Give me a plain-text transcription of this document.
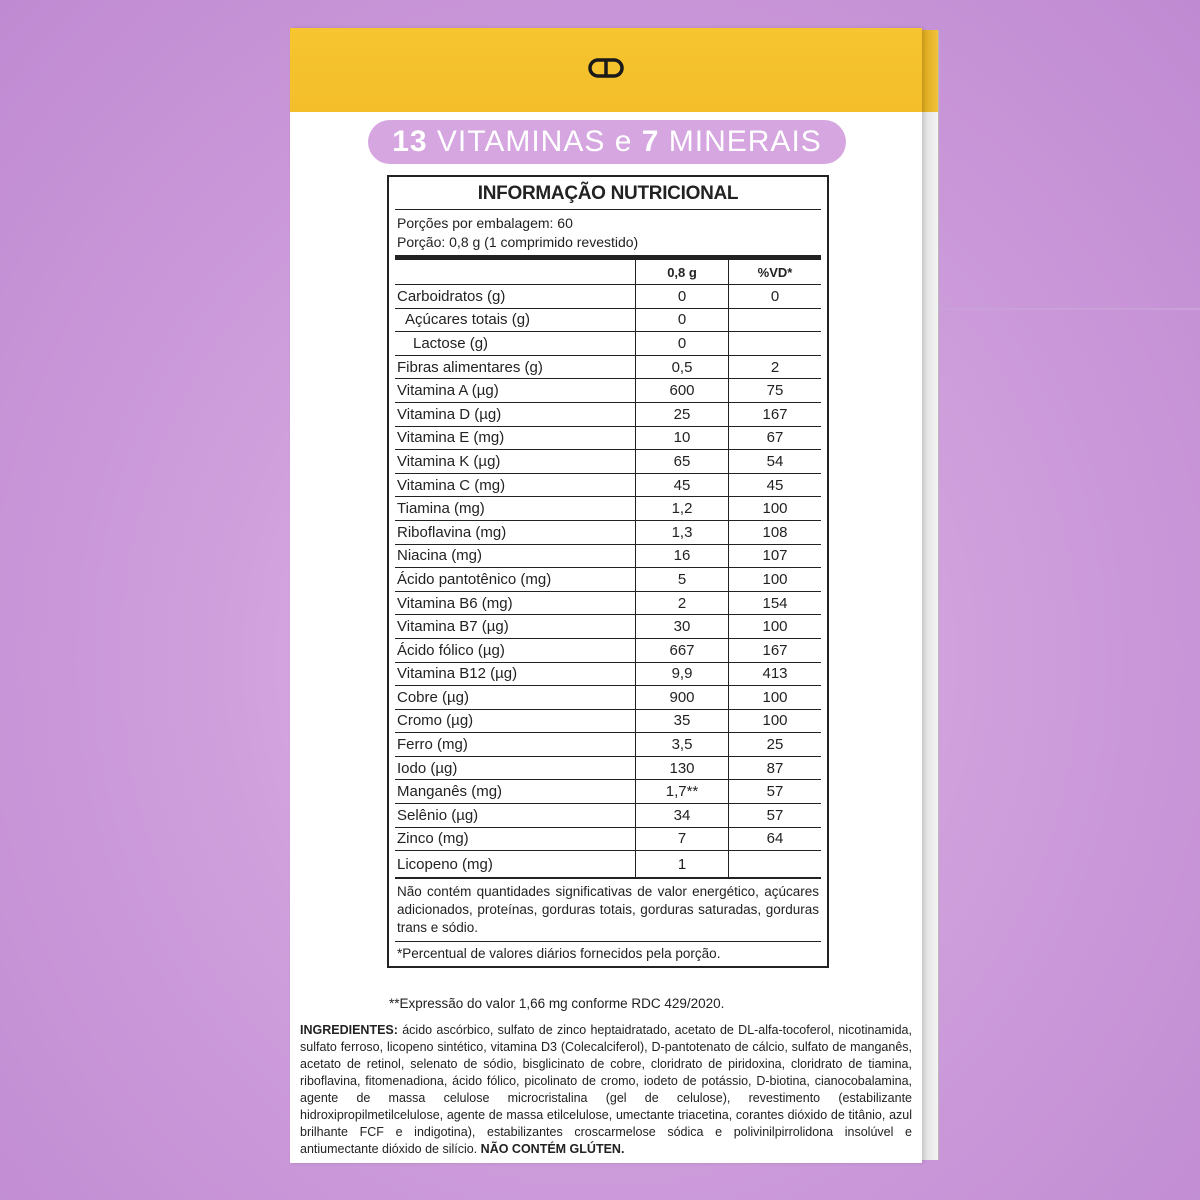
13 VITAMINAS e 7 MINERAIS
INFORMAÇÃO NUTRICIONAL
Porções por embalagem: 60
Porção: 0,8 g (1 comprimido revestido)
	0,8 g	%VD*
Carboidratos (g)	0	0
Açúcares totais (g)	0	
Lactose (g)	0	
Fibras alimentares (g)	0,5	2
Vitamina A (µg)	600	75
Vitamina D (µg)	25	167
Vitamina E (mg)	10	67
Vitamina K (µg)	65	54
Vitamina C (mg)	45	45
Tiamina (mg)	1,2	100
Riboflavina (mg)	1,3	108
Niacina (mg)	16	107
Ácido pantotênico (mg)	5	100
Vitamina B6 (mg)	2	154
Vitamina B7 (µg)	30	100
Ácido fólico (µg)	667	167
Vitamina B12 (µg)	9,9	413
Cobre (µg)	900	100
Cromo (µg)	35	100
Ferro (mg)	3,5	25
Iodo (µg)	130	87
Manganês (mg)	1,7**	57
Selênio (µg)	34	57
Zinco (mg)	7	64
Licopeno (mg)	1	
Não contém quantidades significativas de valor energético, açúcares adicionados, proteínas, gorduras totais, gorduras saturadas, gorduras trans e sódio.
*Percentual de valores diários fornecidos pela porção.
**Expressão do valor 1,66 mg conforme RDC 429/2020.
INGREDIENTES: ácido ascórbico, sulfato de zinco heptaidratado, acetato de DL-alfa-tocoferol, nicotinamida, sulfato ferroso, licopeno sintético, vitamina D3 (Colecalciferol), D-pantotenato de cálcio, sulfato de manganês, acetato de retinol, selenato de sódio, bisglicinato de cobre, cloridrato de piridoxina, cloridrato de tiamina, riboflavina, fitomenadiona, ácido fólico, picolinato de cromo, iodeto de potássio, D-biotina, cianocobalamina, agente de massa celulose microcristalina (gel de celulose), revestimento (estabilizante hidroxipropilmetilcelulose, agente de massa etilcelulose, umectante triacetina, corantes dióxido de titânio, azul brilhante FCF e indigotina), estabilizantes croscarmelose sódica e polivinilpirrolidona insolúvel e antiumectante dióxido de silício. NÃO CONTÉM GLÚTEN.
